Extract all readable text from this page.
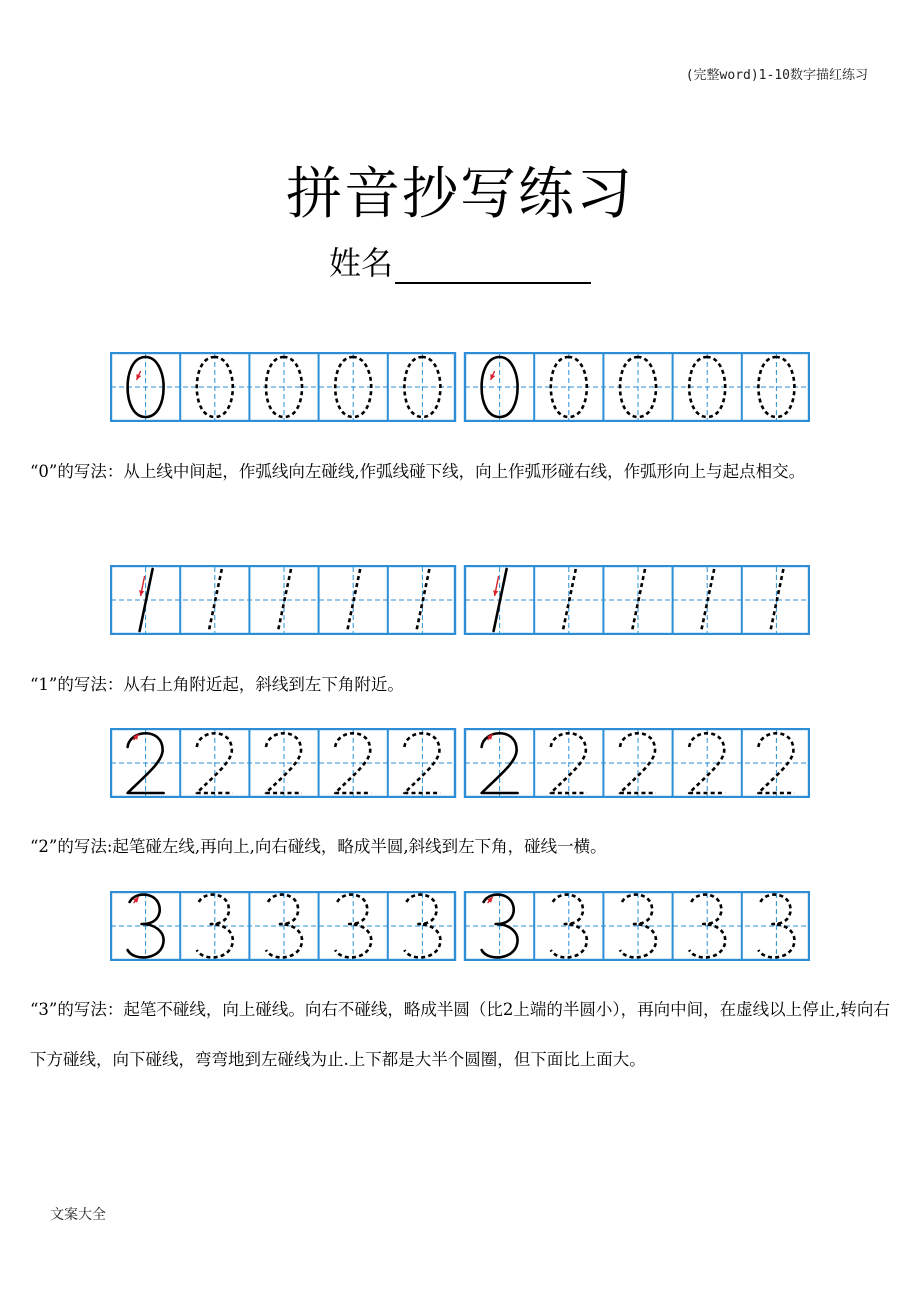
(完整word)1-10数字描红练习
拼音抄写练习
姓名
“0”的写法：从上线中间起，作弧线向左碰线,作弧线碰下线，向上作弧形碰右线，作弧形向上与起点相交。
“1”的写法：从右上角附近起，斜线到左下角附近。
“2”的写法:起笔碰左线,再向上,向右碰线，略成半圆,斜线到左下角，碰线一横。
“3”的写法：起笔不碰线，向上碰线。向右不碰线，略成半圆（比2上端的半圆小），再向中间，在虚线以上停止,转向右下方碰线，向下碰线，弯弯地到左碰线为止.上下都是大半个圆圈，但下面比上面大。
文案大全
